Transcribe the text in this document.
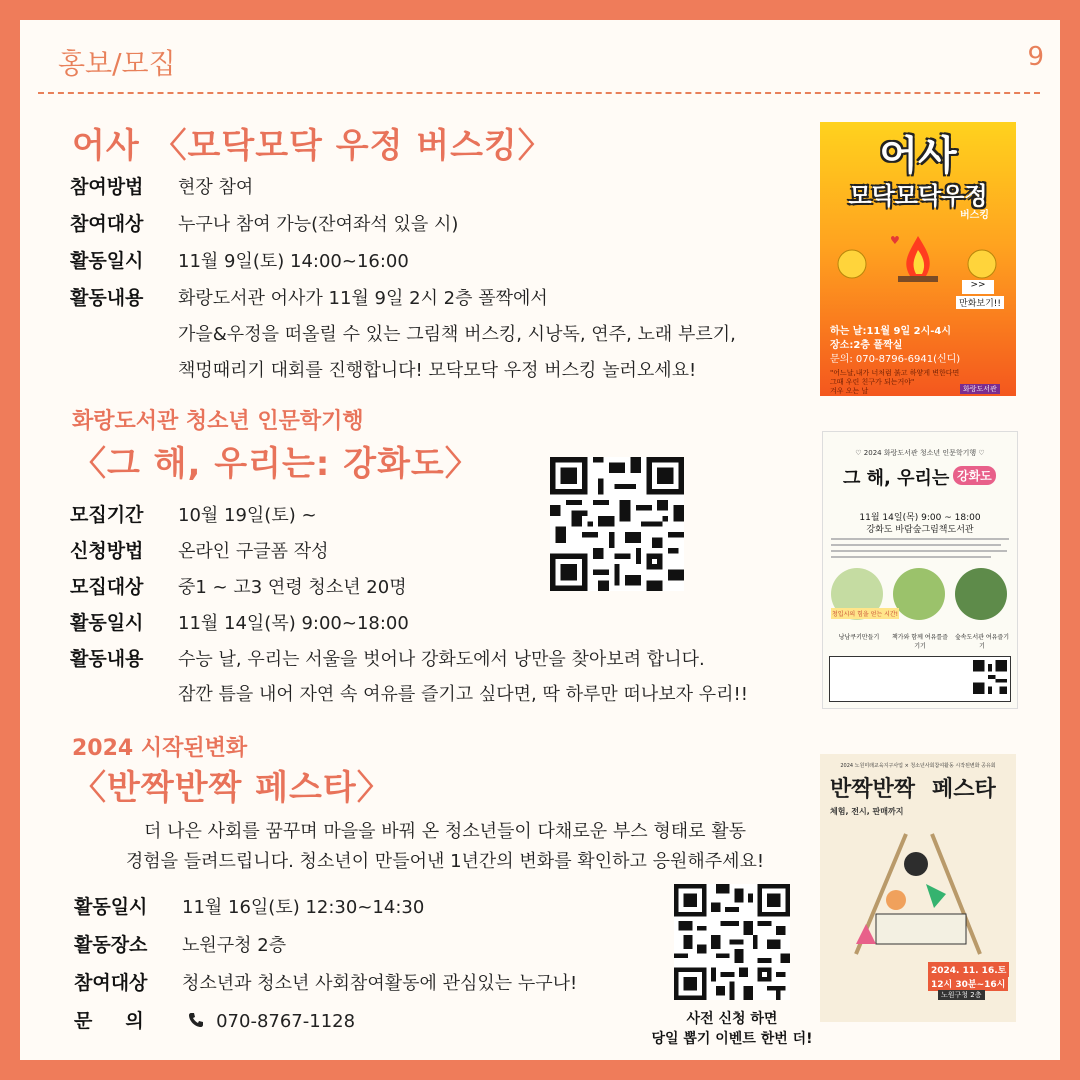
홍보/모집	9
어사 〈모닥모닥 우정 버스킹〉
참여방법 현장 참여
참여대상 누구나 참여 가능(잔여좌석 있을 시)
활동일시 11월 9일(토) 14:00~16:00
활동내용 화랑도서관 어사가 11월 9일 2시 2층 폴짝에서
가을&우정을 떠올릴 수 있는 그림책 버스킹, 시낭독, 연주, 노래 부르기,
책멍때리기 대회를 진행합니다! 모닥모닥 우정 버스킹 놀러오세요!
어사
모닥모닥우정
버스킹
♥
>>
만화보기!!
하는 날:11월 9일 2시-4시
장소:2층 폴짝실
문의: 070-8796-6941(신디)
"어느날,내가 너처럼 붉고 하얗게 변한다면
그때 우린 친구가 되는거야"
겨우 오는 날	화랑도서관
화랑도서관 청소년 인문학기행
〈그 해, 우리는: 강화도〉
모집기간 10월 19일(토) ~
신청방법 온라인 구글폼 작성
모집대상 중1 ~ 고3 연령 청소년 20명
활동일시 11월 14일(목) 9:00~18:00
활동내용 수능 날, 우리는 서울을 벗어나 강화도에서 낭만을 찾아보려 합니다.
잠깐 틈을 내어 자연 속 여유를 즐기고 싶다면, 딱 하루만 떠나보자 우리!!
♡ 2024 화랑도서관 청소년 인문학기행 ♡
그 해, 우리는 강화도
11월 14일(목) 9:00 ~ 18:00
강화도 바람숲그림책도서관
청입시의 힘을 얻는 시간!
낭남쿠키만들기	책가와 함께 여유를즐기기
숲속도서관 여유즐기기
2024 시작된변화
〈반짝반짝 페스타〉
더 나은 사회를 꿈꾸며 마을을 바꿔 온 청소년들이 다채로운 부스 형태로 활동
경험을 들려드립니다. 청소년이 만들어낸 1년간의 변화를 확인하고 응원해주세요!
활동일시 11월 16일(토) 12:30~14:30
활동장소 노원구청 2층
참여대상 청소년과 청소년 사회참여활동에 관심있는 누구나!
문     의	070-8767-1128	사전 신청 하면
당일 뽑기 이벤트 한번 더!
2024 노원미래교육지구사업 × 청소년사회참여활동 시작된변화 공유회
반짝반짝 페스타
체험, 전시, 판매까지
2024. 11. 16.토
12시 30분~16시
노원구청 2층
